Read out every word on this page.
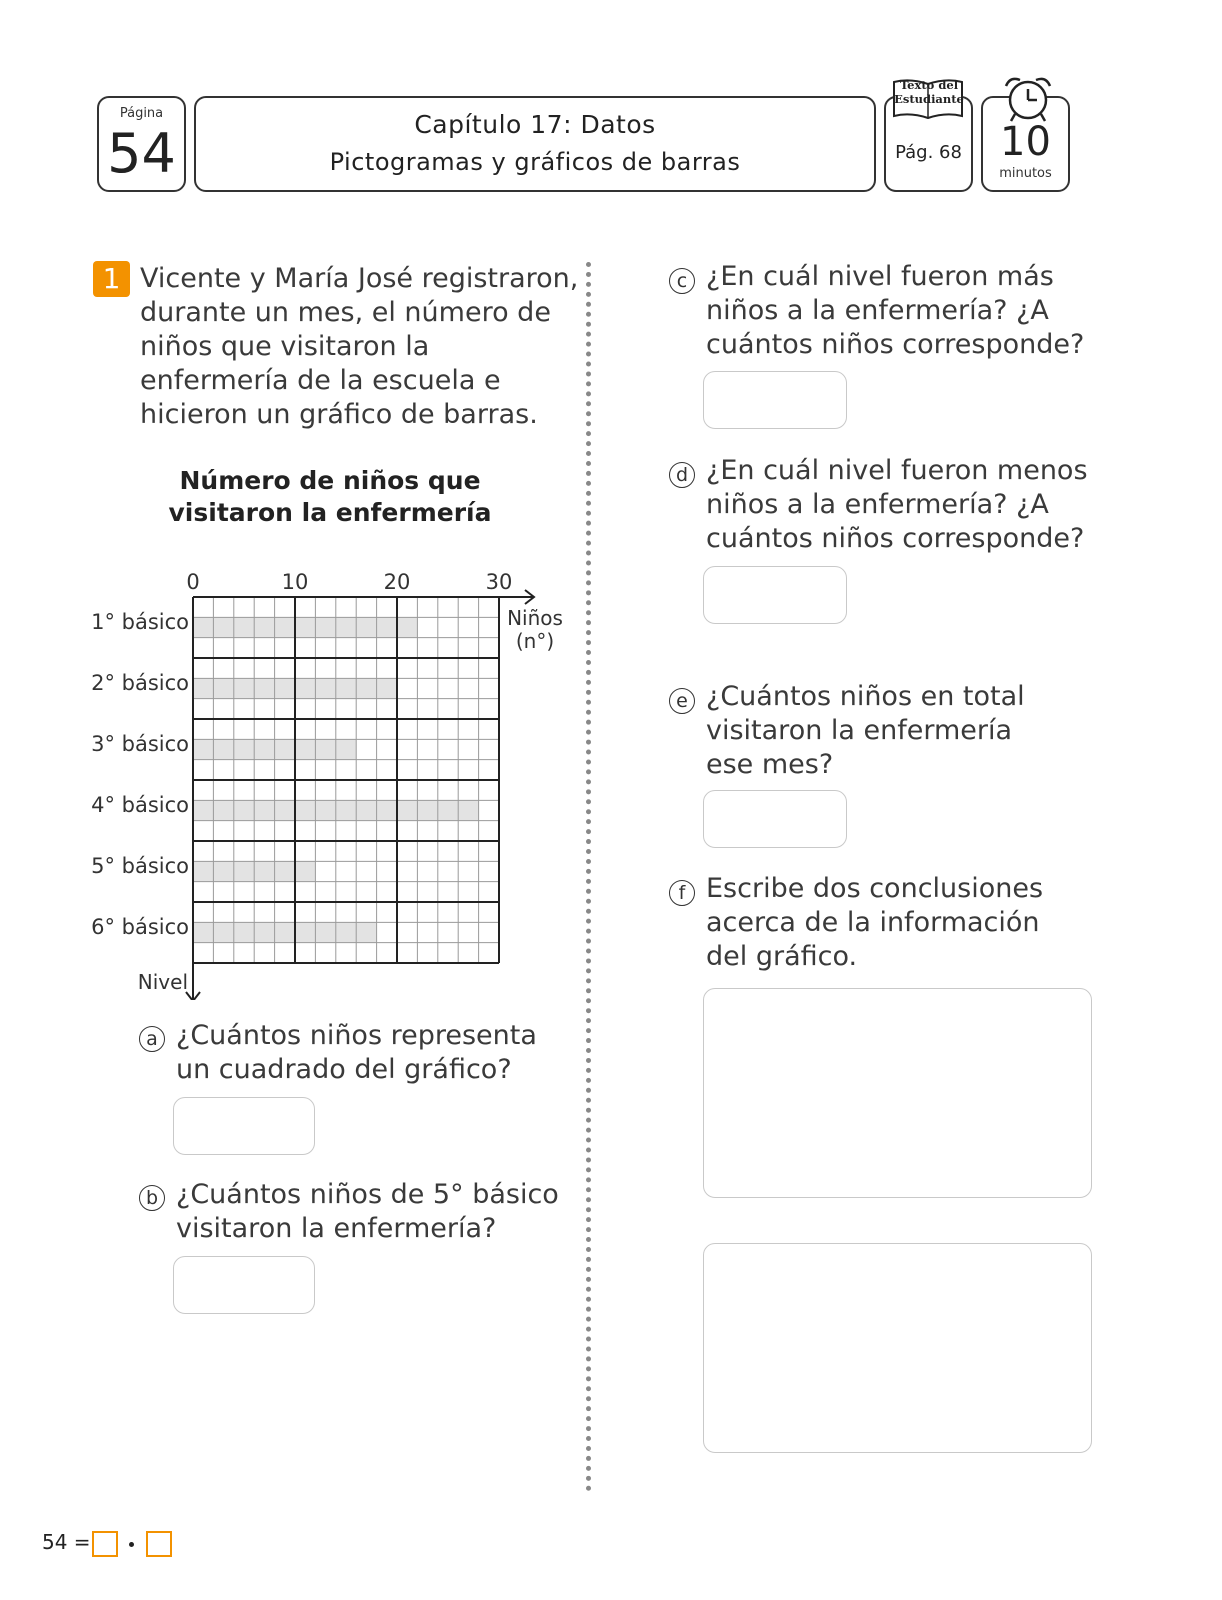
Página
54	Capítulo 17: Datos
Pictogramas y gráficos de barras
Texto del Estudiante
Pág. 68 10
minutos
1 Vicente y María José registraron, durante un mes, el número de niños que visitaron la enfermería de la escuela e hicieron un gráfico de barras.

Número de niños que visitaron la enfermería
0	10	20	30
1° básico
2° básico
3° básico
4° básico
5° básico
6° básico
Niños
(n°)
Nivel
a ¿Cuántos niños representa un cuadrado del gráfico?

b ¿Cuántos niños de 5° básico visitaron la enfermería?

c ¿En cuál nivel fueron más niños a la enfermería? ¿A cuántos niños corresponde?

d ¿En cuál nivel fueron menos niños a la enfermería? ¿A cuántos niños corresponde?

e ¿Cuántos niños en total visitaron la enfermería ese mes?

f Escribe dos conclusiones acerca de la información del gráfico.

54 =
